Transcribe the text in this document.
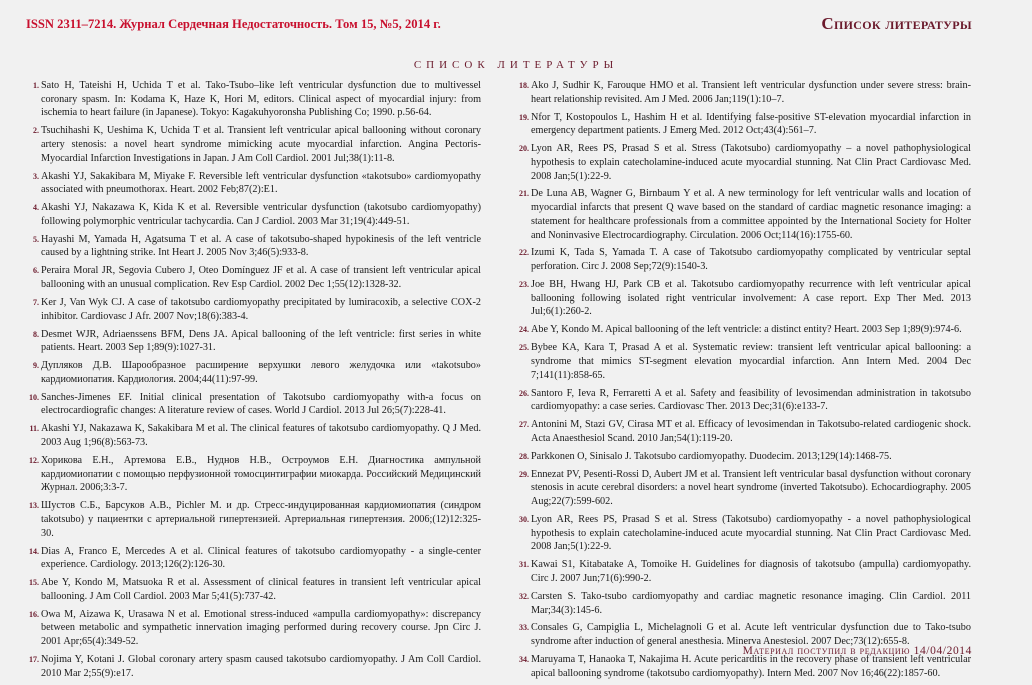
ISSN 2311–7214. Журнал Сердечная Недостаточность. Том 15, №5, 2014 г.	Список литературы
СПИСОК ЛИТЕРАТУРЫ
1. Sato H, Tateishi H, Uchida T et al. Tako-Tsubo–like left ventricular dysfunction due to multivessel coronary spasm. In: Kodama K, Haze K, Hori M, editors. Clinical aspect of myocardial injury: from ischemia to heart failure (in Japanese). Tokyo: Kagakuhyoronsha Publishing Co; 1990. p.56-64.
2. Tsuchihashi K, Ueshima K, Uchida T et al. Transient left ventricular apical ballooning without coronary artery stenosis: a novel heart syndrome mimicking acute myocardial infarction. Angina Pectoris-Myocardial Infarction Investigations in Japan. J Am Coll Cardiol. 2001 Jul;38(1):11-8.
3. Akashi YJ, Sakakibara M, Miyake F. Reversible left ventricular dysfunction «takotsubo» cardiomyopathy associated with pneumothorax. Heart. 2002 Feb;87(2):E1.
4. Akashi YJ, Nakazawa K, Kida K et al. Reversible ventricular dysfunction (takotsubo cardiomyopathy) following polymorphic ventricular tachycardia. Can J Cardiol. 2003 Mar 31;19(4):449-51.
5. Hayashi M, Yamada H, Agatsuma T et al. A case of takotsubo-shaped hypokinesis of the left ventricle caused by a lightning strike. Int Heart J. 2005 Nov 3;46(5):933-8.
6. Peraira Moral JR, Segovia Cubero J, Oteo Domínguez JF et al. A case of transient left ventricular apical ballooning with an unusual complication. Rev Esp Cardiol. 2002 Dec 1;55(12):1328-32.
7. Ker J, Van Wyk CJ. A case of takotsubo cardiomyopathy precipitated by lumiracoxib, a selective COX-2 inhibitor. Cardiovasc J Afr. 2007 Nov;18(6):383-4.
8. Desmet WJR, Adriaenssens BFM, Dens JA. Apical ballooning of the left ventricle: first series in white patients. Heart. 2003 Sep 1;89(9):1027-31.
9. Дупляков Д.В. Шарообразное расширение верхушки левого желудочка или «takotsubo» кардиомиопатия. Кардиология. 2004;44(11):97-99.
10. Sanches-Jimenes EF. Initial clinical presentation of Takotsubo cardiomyopathy with-a focus on electrocardiografic changes: A literature review of cases. World J Cardiol. 2013 Jul 26;5(7):228-41.
11. Akashi YJ, Nakazawa K, Sakakibara M et al. The clinical features of takotsubo cardiomyopathy. Q J Med. 2003 Aug 1;96(8):563-73.
12. Хорикова Е.Н., Артемова Е.В., Нуднов Н.В., Остроумов Е.Н. Диагностика ампульной кардиомиопатии с помощью перфузионной томосцинтиграфии миокарда. Российский Медицинский Журнал. 2006;3:3-7.
13. Шустов С.Б., Барсуков А.В., Pichler M. и др. Стресс-индуцированная кардиомиопатия (синдром takotsubo) у пациентки с артериальной гипертензией. Артериальная гипертензия. 2006;(12)12:325-30.
14. Dias A, Franco E, Mercedes A et al. Clinical features of takotsubo cardiomyopathy - a single-center experience. Cardiology. 2013;126(2):126-30.
15. Abe Y, Kondo M, Matsuoka R et al. Assessment of clinical features in transient left ventricular apical ballooning. J Am Coll Cardiol. 2003 Mar 5;41(5):737-42.
16. Owa M, Aizawa K, Urasawa N et al. Emotional stress-induced «ampulla cardiomyopathy»: discrepancy between metabolic and sympathetic innervation imaging performed during recovery course. Jpn Circ J. 2001 Apr;65(4):349-52.
17. Nojima Y, Kotani J. Global coronary artery spasm caused takotsubo cardiomyopathy. J Am Coll Cardiol. 2010 Mar 2;55(9):e17.
18. Ako J, Sudhir K, Farouque HMO et al. Transient left ventricular dysfunction under severe stress: brain-heart relationship revisited. Am J Med. 2006 Jan;119(1):10–7.
19. Nfor T, Kostopoulos L, Hashim H et al. Identifying false-positive ST-elevation myocardial infarction in emergency department patients. J Emerg Med. 2012 Oct;43(4):561–7.
20. Lyon AR, Rees PS, Prasad S et al. Stress (Takotsubo) cardiomyopathy – a novel pathophysiological hypothesis to explain catecholamine-induced acute myocardial stunning. Nat Clin Pract Cardiovasc Med. 2008 Jan;5(1):22-9.
21. De Luna AB, Wagner G, Birnbaum Y et al. A new terminology for left ventricular walls and location of myocardial infarcts that present Q wave based on the standard of cardiac magnetic resonance imaging: a statement for healthcare professionals from a committee appointed by the International Society for Holter and Noninvasive Electrocardiography. Circulation. 2006 Oct;114(16):1755-60.
22. Izumi K, Tada S, Yamada T. A case of Takotsubo cardiomyopathy complicated by ventricular septal perforation. Circ J. 2008 Sep;72(9):1540-3.
23. Joe BH, Hwang HJ, Park CB et al. Takotsubo cardiomyopathy recurrence with left ventricular apical ballooning following isolated right ventricular involvement: A case report. Exp Ther Med. 2013 Jul;6(1):260-2.
24. Abe Y, Kondo M. Apical ballooning of the left ventricle: a distinct entity? Heart. 2003 Sep 1;89(9):974-6.
25. Bybee KA, Kara T, Prasad A et al. Systematic review: transient left ventricular apical ballooning: a syndrome that mimics ST-segment elevation myocardial infarction. Ann Intern Med. 2004 Dec 7;141(11):858-65.
26. Santoro F, Ieva R, Ferraretti A et al. Safety and feasibility of levosimendan administration in takotsubo cardiomyopathy: a case series. Cardiovasc Ther. 2013 Dec;31(6):e133-7.
27. Antonini M, Stazi GV, Cirasa MT et al. Efficacy of levosimendan in Takotsubo-related cardiogenic shock. Acta Anaesthesiol Scand. 2010 Jan;54(1):119-20.
28. Parkkonen O, Sinisalo J. Takotsubo cardiomyopathy. Duodecim. 2013;129(14):1468-75.
29. Ennezat PV, Pesenti-Rossi D, Aubert JM et al. Transient left ventricular basal dysfunction without coronary stenosis in acute cerebral disorders: a novel heart syndrome (inverted Takotsubo). Echocardiography. 2005 Aug;22(7):599-602.
30. Lyon AR, Rees PS, Prasad S et al. Stress (Takotsubo) cardiomyopathy - a novel pathophysiological hypothesis to explain catecholamine-induced acute myocardial stunning. Nat Clin Pract Cardiovasc Med. 2008 Jan;5(1):22-9.
31. Kawai S1, Kitabatake A, Tomoike H. Guidelines for diagnosis of takotsubo (ampulla) cardiomyopathy. Circ J. 2007 Jun;71(6):990-2.
32. Carsten S. Tako-tsubo cardiomyopathy and cardiac magnetic resonance imaging. Clin Cardiol. 2011 Mar;34(3):145-6.
33. Consales G, Campiglia L, Michelagnoli G et al. Acute left ventricular dysfunction due to Tako-tsubo syndrome after induction of general anesthesia. Minerva Anestesiol. 2007 Dec;73(12):655-8.
34. Maruyama T, Hanaoka T, Nakajima H. Acute pericarditis in the recovery phase of transient left ventricular apical ballooning syndrome (takotsubo cardiomyopathy). Intern Med. 2007 Nov 16;46(22):1857-60.
Материал поступил в редакцию 14/04/2014
